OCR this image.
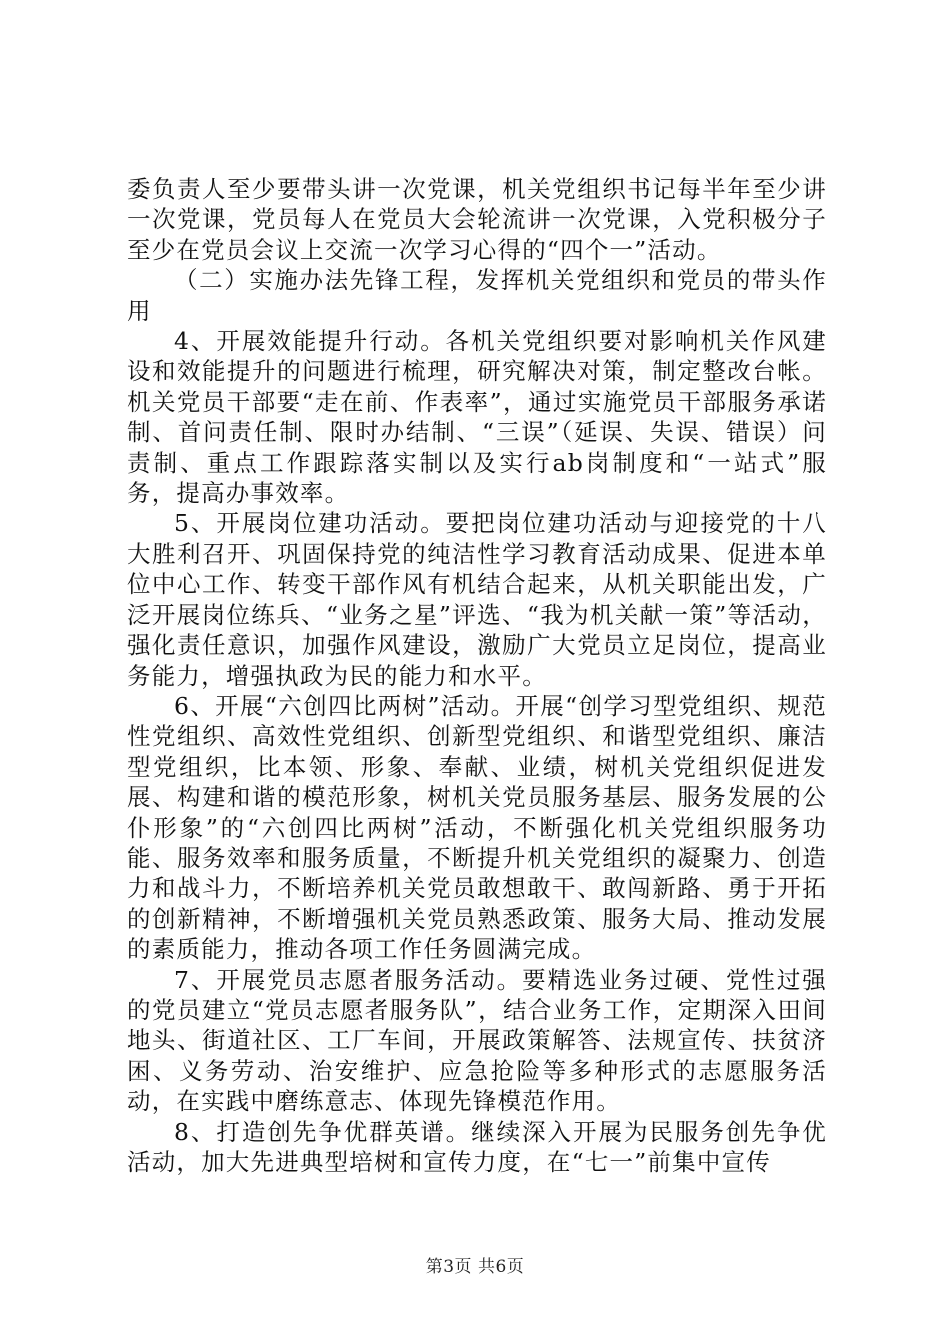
委负责人至少要带头讲一次党课，机关党组织书记每半年至少讲一次党课，党员每人在党员大会轮流讲一次党课，入党积极分子至少在党员会议上交流一次学习心得的“四个一”活动。

（二）实施办法先锋工程，发挥机关党组织和党员的带头作用

4、开展效能提升行动。各机关党组织要对影响机关作风建设和效能提升的问题进行梳理，研究解决对策，制定整改台帐。机关党员干部要“走在前、作表率”，通过实施党员干部服务承诺制、首问责任制、限时办结制、“三误”（延误、失误、错误）问责制、重点工作跟踪落实制以及实行ab岗制度和“一站式”服务，提高办事效率。

5、开展岗位建功活动。要把岗位建功活动与迎接党的十八大胜利召开、巩固保持党的纯洁性学习教育活动成果、促进本单位中心工作、转变干部作风有机结合起来，从机关职能出发，广泛开展岗位练兵、“业务之星”评选、“我为机关献一策”等活动，强化责任意识，加强作风建设，激励广大党员立足岗位，提高业务能力，增强执政为民的能力和水平。

6、开展“六创四比两树”活动。开展“创学习型党组织、规范性党组织、高效性党组织、创新型党组织、和谐型党组织、廉洁型党组织，比本领、形象、奉献、业绩，树机关党组织促进发展、构建和谐的模范形象，树机关党员服务基层、服务发展的公仆形象”的“六创四比两树”活动，不断强化机关党组织服务功能、服务效率和服务质量，不断提升机关党组织的凝聚力、创造力和战斗力，不断培养机关党员敢想敢干、敢闯新路、勇于开拓的创新精神，不断增强机关党员熟悉政策、服务大局、推动发展的素质能力，推动各项工作任务圆满完成。

7、开展党员志愿者服务活动。要精选业务过硬、党性过强的党员建立“党员志愿者服务队”，结合业务工作，定期深入田间地头、街道社区、工厂车间，开展政策解答、法规宣传、扶贫济困、义务劳动、治安维护、应急抢险等多种形式的志愿服务活动，在实践中磨练意志、体现先锋模范作用。

8、打造创先争优群英谱。继续深入开展为民服务创先争优活动，加大先进典型培树和宣传力度，在“七一”前集中宣传

第3页 共6页
